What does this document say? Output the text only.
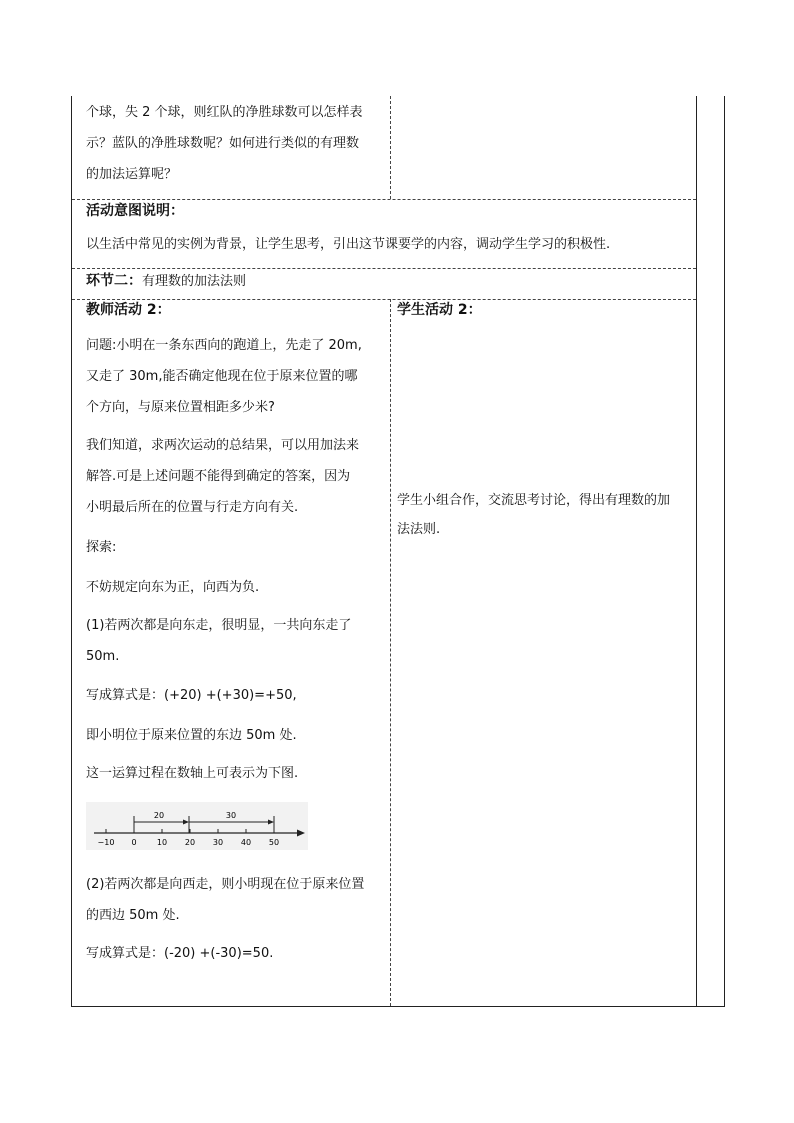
个球，失 2 个球，则红队的净胜球数可以怎样表
示？蓝队的净胜球数呢？如何进行类似的有理数
的加法运算呢？
活动意图说明：
以生活中常见的实例为背景，让学生思考，引出这节课要学的内容，调动学生学习的积极性.
环节二：有理数的加法法则
教师活动 2：
问题:小明在一条东西向的跑道上，先走了 20m,
又走了 30m,能否确定他现在位于原来位置的哪
个方向，与原来位置相距多少米?
我们知道，求两次运动的总结果，可以用加法来
解答.可是上述问题不能得到确定的答案，因为
小明最后所在的位置与行走方向有关.
探索:
不妨规定向东为正，向西为负.
(1)若两次都是向东走，很明显，一共向东走了
50m.
写成算式是：(+20) +(+30)=+50,
即小明位于原来位置的东边 50m 处.
这一运算过程在数轴上可表示为下图.
−10 0	10 20 30 40 50
20	30
(2)若两次都是向西走，则小明现在位于原来位置
的西边 50m 处.
写成算式是：(-20) +(-30)=50.
学生活动 2：
学生小组合作，交流思考讨论，得出有理数的加
法法则.
